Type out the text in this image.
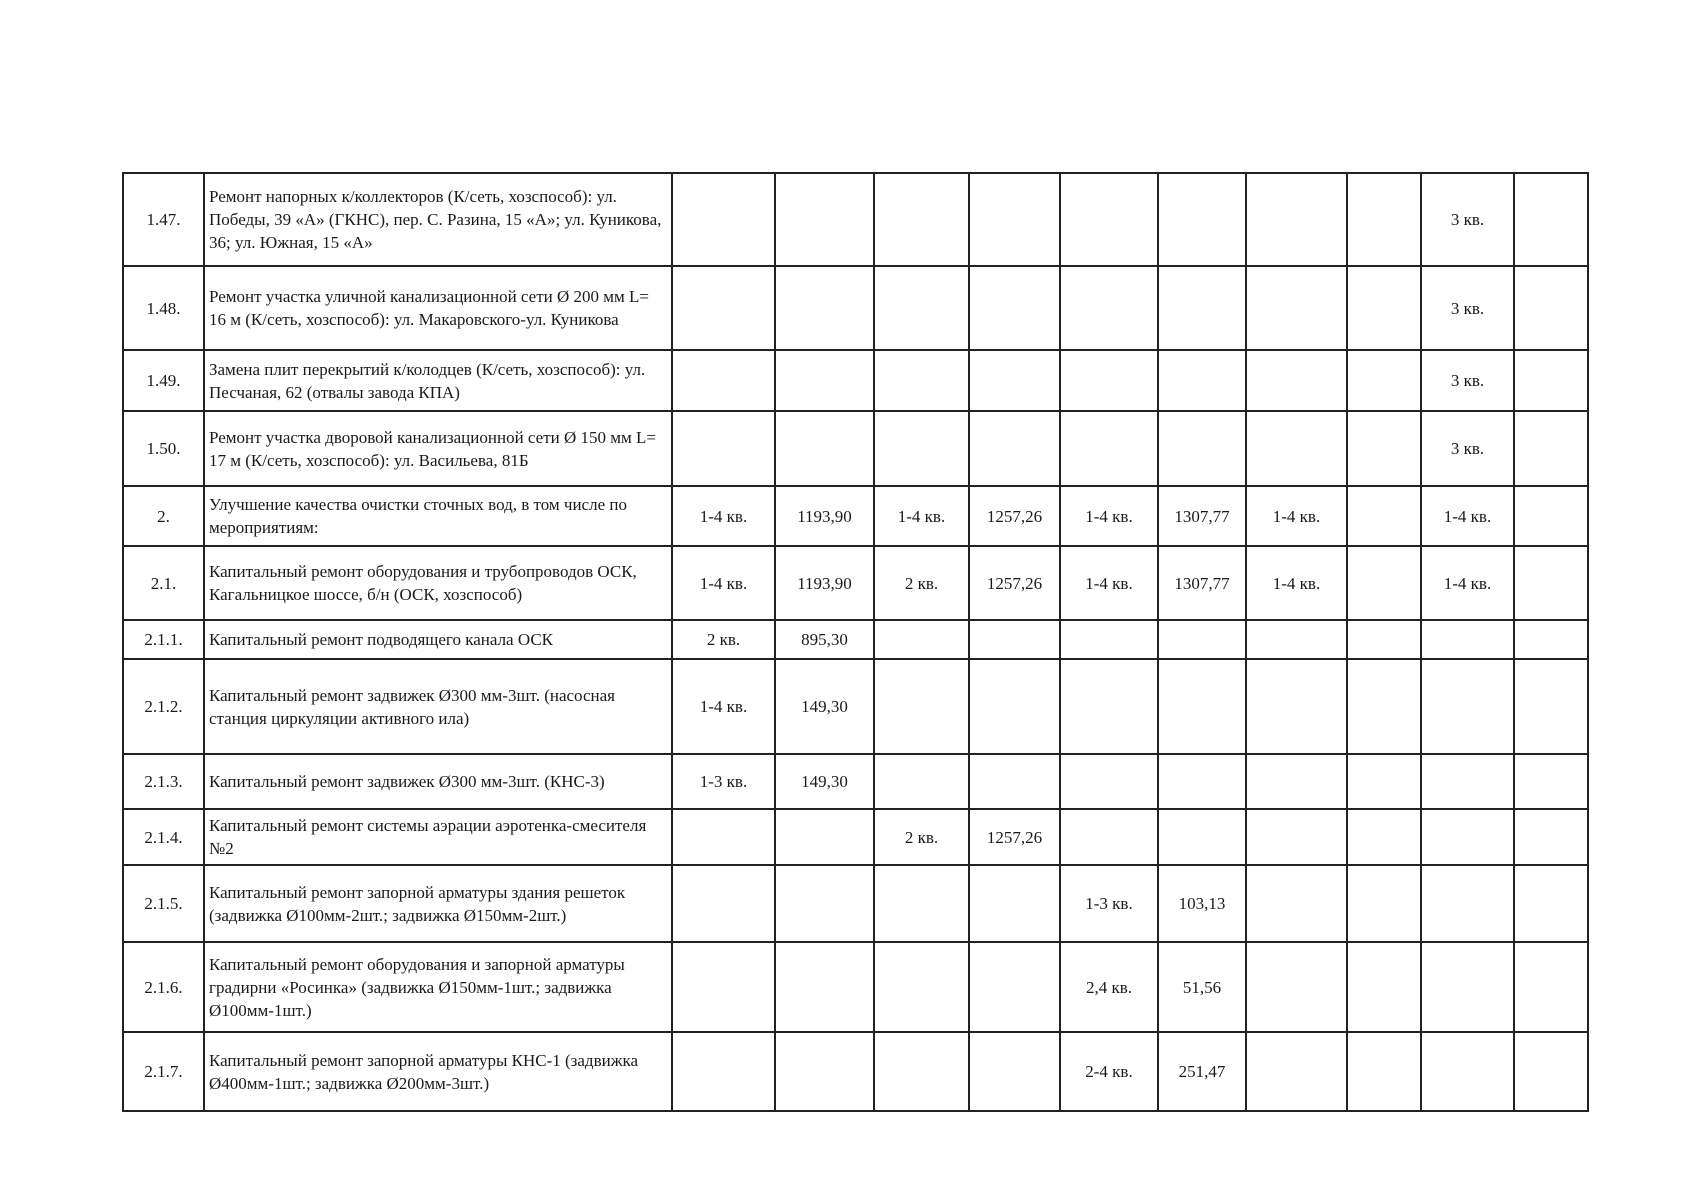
1.47.	Ремонт напорных к/коллекторов (К/сеть, хозспособ): ул. Победы, 39 «А» (ГКНС), пер. С. Разина, 15 «А»; ул. Куникова, 36; ул. Южная, 15 «А»									3 кв.	
1.48.	Ремонт участка уличной канализационной сети Ø 200 мм L= 16 м (К/сеть, хозспособ): ул. Макаровского-ул. Куникова									3 кв.	
1.49.	Замена плит перекрытий к/колодцев (К/сеть, хозспособ): ул. Песчаная, 62 (отвалы завода КПА)									3 кв.	
1.50.	Ремонт участка дворовой канализационной сети Ø 150 мм L= 17 м (К/сеть, хозспособ): ул. Васильева, 81Б									3 кв.	
2.	Улучшение качества очистки сточных вод, в том числе по мероприятиям:	1-4 кв.	1193,90	1-4 кв.	1257,26	1-4 кв.	1307,77	1-4 кв.		1-4 кв.	
2.1.	Капитальный ремонт оборудования и трубопроводов ОСК, Кагальницкое шоссе, б/н (ОСК, хозспособ)	1-4 кв.	1193,90	2 кв.	1257,26	1-4 кв.	1307,77	1-4 кв.		1-4 кв.	
2.1.1.	Капитальный ремонт подводящего канала ОСК	2 кв.	895,30								
2.1.2.	Капитальный ремонт задвижек Ø300 мм-3шт. (насосная станция циркуляции активного ила)	1-4 кв.	149,30								
2.1.3.	Капитальный ремонт задвижек Ø300 мм-3шт. (КНС-3)	1-3 кв.	149,30								
2.1.4.	Капитальный ремонт системы аэрации аэротенка-смесителя №2			2 кв.	1257,26						
2.1.5.	Капитальный ремонт запорной арматуры здания решеток (задвижка Ø100мм-2шт.; задвижка Ø150мм-2шт.)					1-3 кв.	103,13				
2.1.6.	Капитальный ремонт оборудования и запорной арматуры градирни «Росинка» (задвижка Ø150мм-1шт.; задвижка Ø100мм-1шт.)					2,4 кв.	51,56				
2.1.7.	Капитальный ремонт запорной арматуры КНС-1 (задвижка Ø400мм-1шт.; задвижка Ø200мм-3шт.)					2-4 кв.	251,47				
